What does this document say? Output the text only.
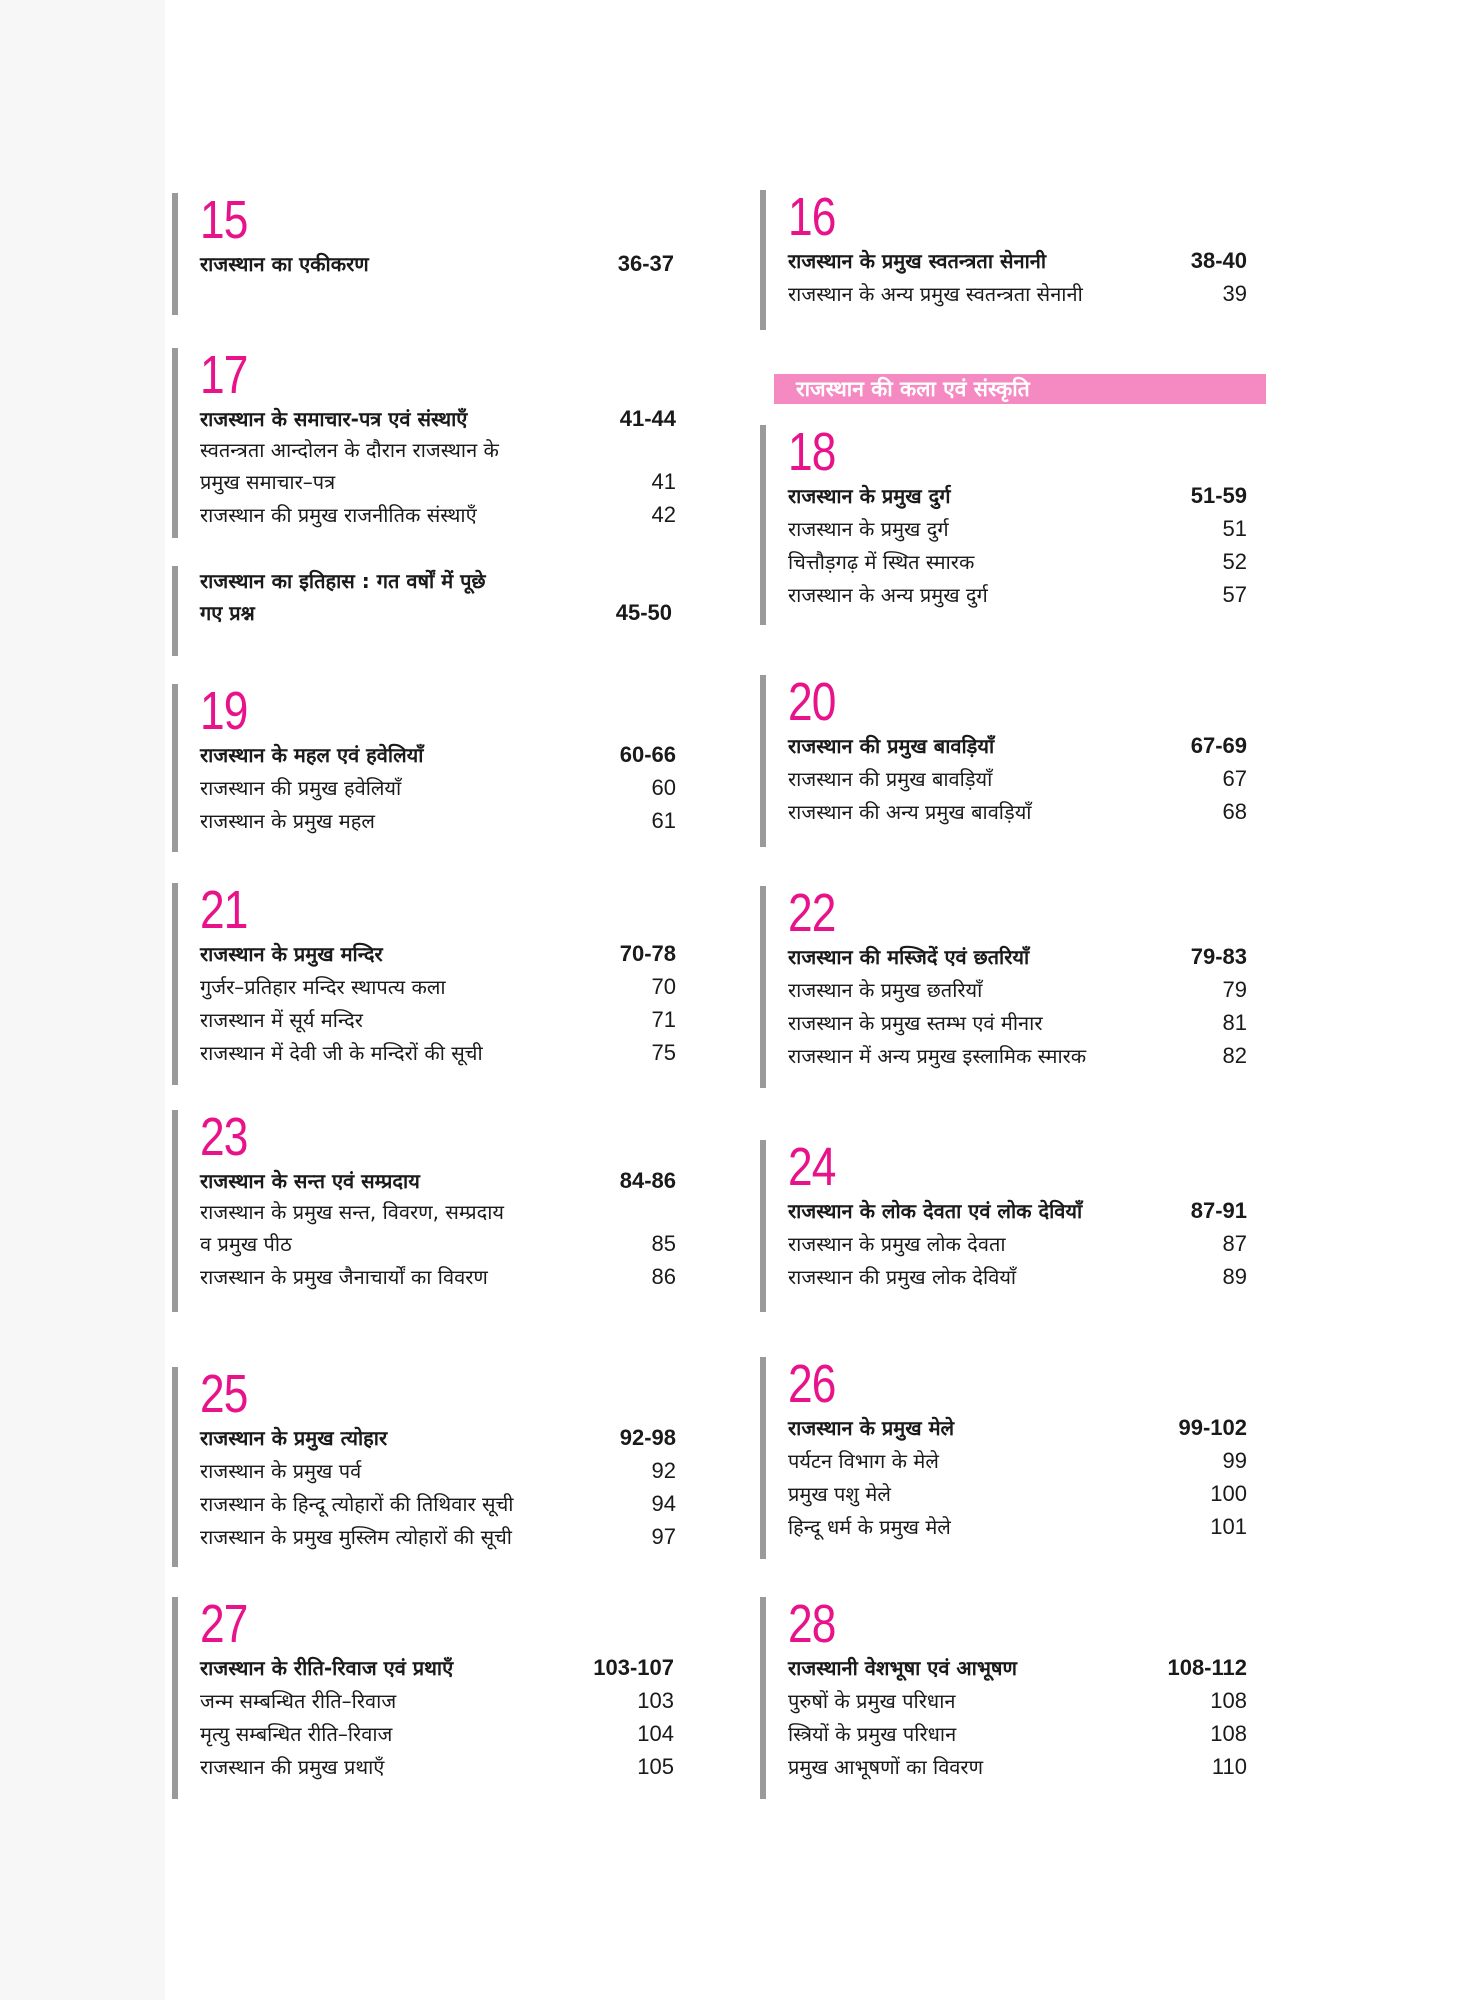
15
राजस्थान का एकीकरण	36-37
16
राजस्थान के प्रमुख स्वतन्त्रता सेनानी	38-40
राजस्थान के अन्य प्रमुख स्वतन्त्रता सेनानी	39
17
राजस्थान के समाचार-पत्र एवं संस्थाएँ	41-44
स्वतन्त्रता आन्दोलन के दौरान राजस्थान के
प्रमुख समाचार–पत्र	41
राजस्थान की प्रमुख राजनीतिक संस्थाएँ	42
राजस्थान का इतिहास : गत वर्षों में पूछे
गए प्रश्न	45-50
राजस्थान की कला एवं संस्कृति
18
राजस्थान के प्रमुख दुर्ग	51-59
राजस्थान के प्रमुख दुर्ग	51
चित्तौड़गढ़ में स्थित स्मारक	52
राजस्थान के अन्य प्रमुख दुर्ग	57
19
राजस्थान के महल एवं हवेलियाँ	60-66
राजस्थान की प्रमुख हवेलियाँ	60
राजस्थान के प्रमुख महल	61
20
राजस्थान की प्रमुख बावड़ियाँ	67-69
राजस्थान की प्रमुख बावड़ियाँ	67
राजस्थान की अन्य प्रमुख बावड़ियाँ	68
21
राजस्थान के प्रमुख मन्दिर	70-78
गुर्जर–प्रतिहार मन्दिर स्थापत्य कला	70
राजस्थान में सूर्य मन्दिर	71
राजस्थान में देवी जी के मन्दिरों की सूची	75
22
राजस्थान की मस्जिदें एवं छतरियाँ	79-83
राजस्थान के प्रमुख छतरियाँ	79
राजस्थान के प्रमुख स्तम्भ एवं मीनार	81
राजस्थान में अन्य प्रमुख इस्लामिक स्मारक	82
23
राजस्थान के सन्त एवं सम्प्रदाय	84-86
राजस्थान के प्रमुख सन्त, विवरण, सम्प्रदाय
व प्रमुख पीठ	85
राजस्थान के प्रमुख जैनाचार्यों का विवरण	86
24
राजस्थान के लोक देवता एवं लोक देवियाँ	87-91
राजस्थान के प्रमुख लोक देवता	87
राजस्थान की प्रमुख लोक देवियाँ	89
25
राजस्थान के प्रमुख त्योहार	92-98
राजस्थान के प्रमुख पर्व	92
राजस्थान के हिन्दू त्योहारों की तिथिवार सूची	94
राजस्थान के प्रमुख मुस्लिम त्योहारों की सूची	97
26
राजस्थान के प्रमुख मेले	99-102
पर्यटन विभाग के मेले	99
प्रमुख पशु मेले	100
हिन्दू धर्म के प्रमुख मेले	101
27
राजस्थान के रीति-रिवाज एवं प्रथाएँ	103-107
जन्म सम्बन्धित रीति–रिवाज	103
मृत्यु सम्बन्धित रीति–रिवाज	104
राजस्थान की प्रमुख प्रथाएँ	105
28
राजस्थानी वेशभूषा एवं आभूषण	108-112
पुरुषों के प्रमुख परिधान	108
स्त्रियों के प्रमुख परिधान	108
प्रमुख आभूषणों का विवरण	110
